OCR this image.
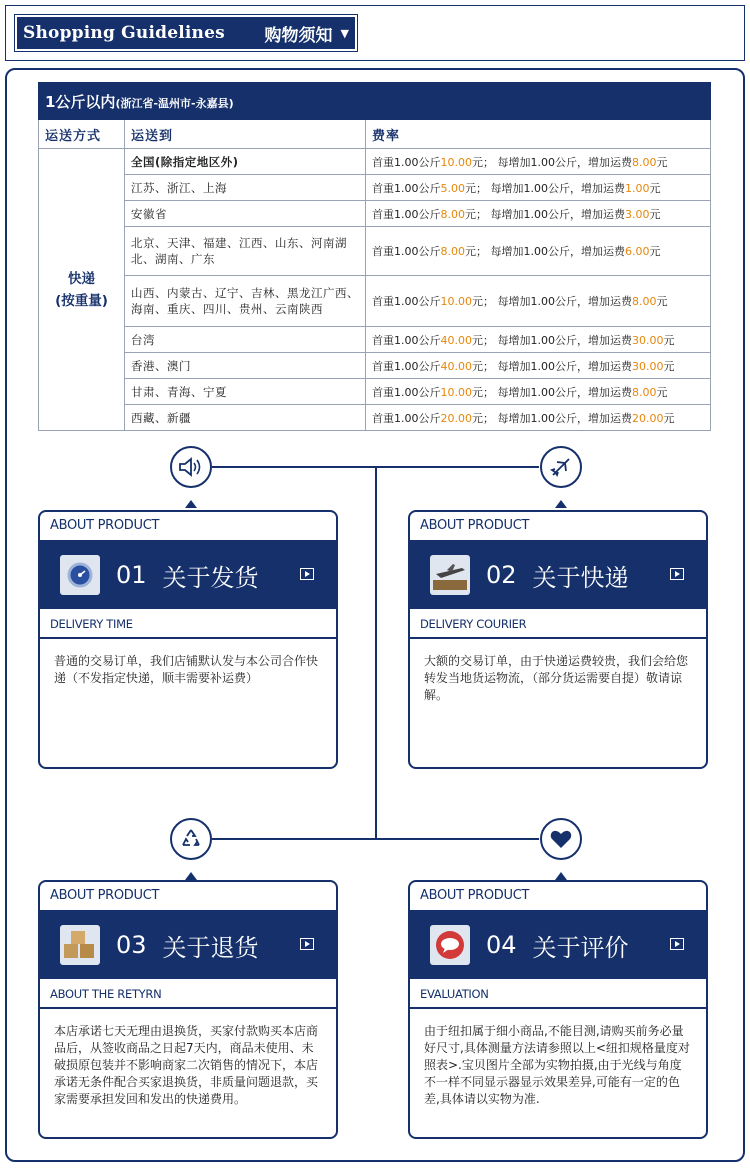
Shopping Guidelines 购物须知 ▼
1公斤以内(浙江省-温州市-永嘉县)		
运送方式	运送到	费率

快递
(按重量)	全国(除指定地区外)	首重1.00公斤10.00元； 每增加1.00公斤，增加运费8.00元
	江苏、浙江、上海	首重1.00公斤5.00元； 每增加1.00公斤，增加运费1.00元
	安徽省	首重1.00公斤8.00元； 每增加1.00公斤，增加运费3.00元
	北京、天津、福建、江西、山东、河南湖北、湖南、广东	首重1.00公斤8.00元； 每增加1.00公斤，增加运费6.00元
	山西、内蒙古、辽宁、吉林、黑龙江广西、海南、重庆、四川、贵州、云南陕西	首重1.00公斤10.00元； 每增加1.00公斤，增加运费8.00元
	台湾	首重1.00公斤40.00元； 每增加1.00公斤，增加运费30.00元
	香港、澳门	首重1.00公斤40.00元； 每增加1.00公斤，增加运费30.00元
	甘肃、青海、宁夏	首重1.00公斤10.00元； 每增加1.00公斤，增加运费8.00元
	西藏、新疆	首重1.00公斤20.00元； 每增加1.00公斤，增加运费20.00元
ABOUT PRODUCT
01 关于发货
DELIVERY TIME
普通的交易订单，我们店铺默认发与本公司合作快递（不发指定快递，顺丰需要补运费）
ABOUT PRODUCT
02 关于快递
DELIVERY COURIER
大额的交易订单，由于快递运费较贵，我们会给您转发当地货运物流，（部分货运需要自提）敬请谅解。
ABOUT PRODUCT
03 关于退货
ABOUT THE RETYRN
本店承诺七天无理由退换货，买家付款购买本店商品后，从签收商品之日起7天内，商品未使用、未破损原包装并不影响商家二次销售的情况下，本店承诺无条件配合买家退换货，非质量问题退款，买家需要承担发回和发出的快递费用。
ABOUT PRODUCT
04 关于评价
EVALUATION
由于纽扣属于细小商品,不能目测,请购买前务必量好尺寸,具体测量方法请参照以上<纽扣规格量度对照表>.宝贝图片全部为实物拍摄,由于光线与角度不一样不同显示器显示效果差异,可能有一定的色差,具体请以实物为准.
